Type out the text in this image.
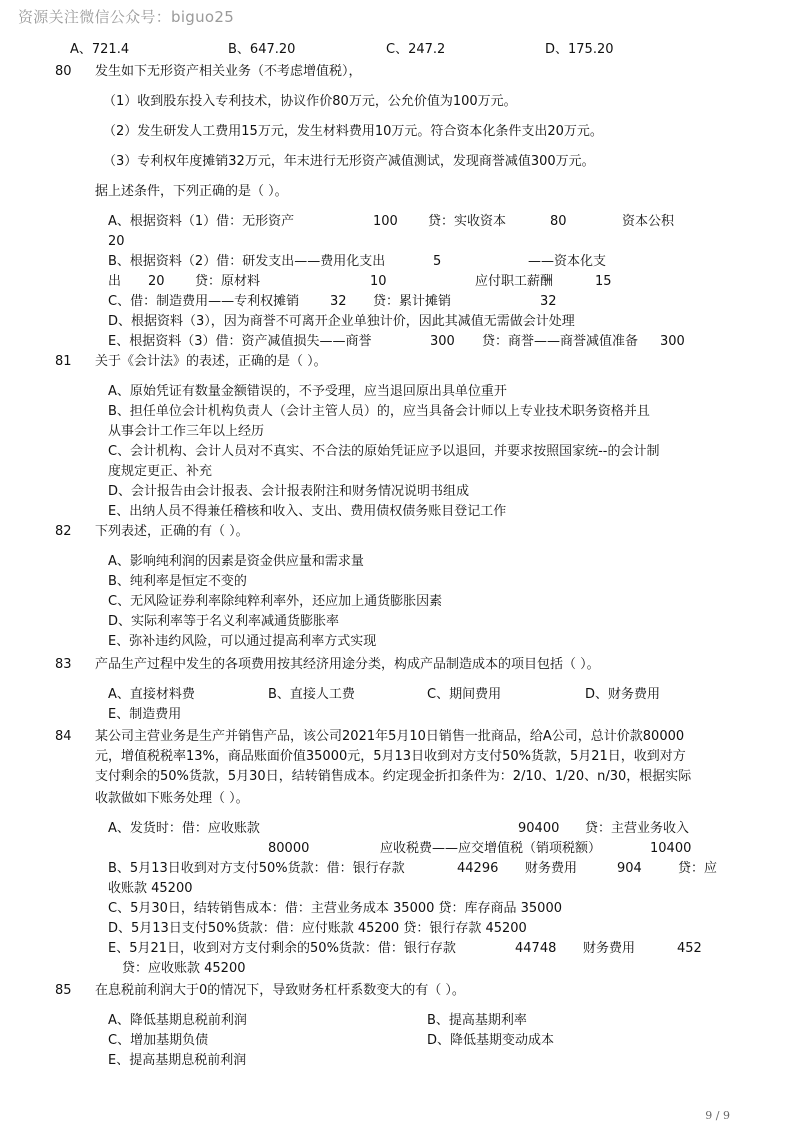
资源关注微信公众号：biguo25
A、721.4	B、647.20	C、247.2	D、175.20
80 发生如下无形资产相关业务（不考虑增值税），
（1）收到股东投入专利技术，协议作价80万元，公允价值为100万元。
（2）发生研发人工费用15万元，发生材料费用10万元。符合资本化条件支出20万元。
（3）专利权年度摊销32万元，年末进行无形资产减值测试，发现商誉减值300万元。
据上述条件，下列正确的是（ ）。
A、根据资料（1）借：无形资产	100 贷：实收资本	80	资本公积
20
B、根据资料（2）借：研发支出——费用化支出	5	——资本化支
出 20 贷：原材料	10	应付职工薪酬	15
C、借：制造费用——专利权摊销 32 贷：累计摊销	32
D、根据资料（3），因为商誉不可离开企业单独计价，因此其减值无需做会计处理
E、根据资料（3）借：资产减值损失——商誉	300 贷：商誉——商誉减值准备 300
81 关于《会计法》的表述，正确的是（ ）。
A、原始凭证有数量金额错误的，不予受理，应当退回原出具单位重开
B、担任单位会计机构负责人（会计主管人员）的，应当具备会计师以上专业技术职务资格并且
从事会计工作三年以上经历
C、会计机构、会计人员对不真实、不合法的原始凭证应予以退回，并要求按照国家统--的会计制
度规定更正、补充
D、会计报告由会计报表、会计报表附注和财务情况说明书组成
E、出纳人员不得兼任稽核和收入、支出、费用债权债务账目登记工作
82 下列表述，正确的有（ ）。
A、影响纯利润的因素是资金供应量和需求量
B、纯利率是恒定不变的
C、无风险证券利率除纯粹利率外，还应加上通货膨胀因素
D、实际利率等于名义利率减通货膨胀率
E、弥补违约风险，可以通过提高利率方式实现
83 产品生产过程中发生的各项费用按其经济用途分类，构成产品制造成本的项目包括（ ）。
A、直接材料费	B、直接人工费	C、期间费用	D、财务费用
E、制造费用
84 某公司主营业务是生产并销售产品，该公司2021年5月10日销售一批商品，给A公司，总计价款80000
元，增值税税率13%，商品账面价值35000元，5月13日收到对方支付50%货款，5月21日，收到对方
支付剩余的50%货款，5月30日，结转销售成本。约定现金折扣条件为：2/10、1/20、n/30，根据实际
收款做如下账务处理（ ）。
A、发货时：借：应收账款	90400 贷：主营业务收入
80000	应收税费——应交增值税（销项税额）	10400
B、5月13日收到对方支付50%货款：借：银行存款	44296 财务费用	904	贷：应
收账款 45200
C、5月30日，结转销售成本：借：主营业务成本 35000 贷：库存商品 35000
D、5月13日支付50%货款：借：应付账款 45200 贷：银行存款 45200
E、5月21日，收到对方支付剩余的50%货款：借：银行存款	44748 财务费用	452
贷：应收账款 45200
85 在息税前利润大于0的情况下，导致财务杠杆系数变大的有（ ）。
A、降低基期息税前利润	B、提高基期利率
C、增加基期负债	D、降低基期变动成本
E、提高基期息税前利润
9 / 9
